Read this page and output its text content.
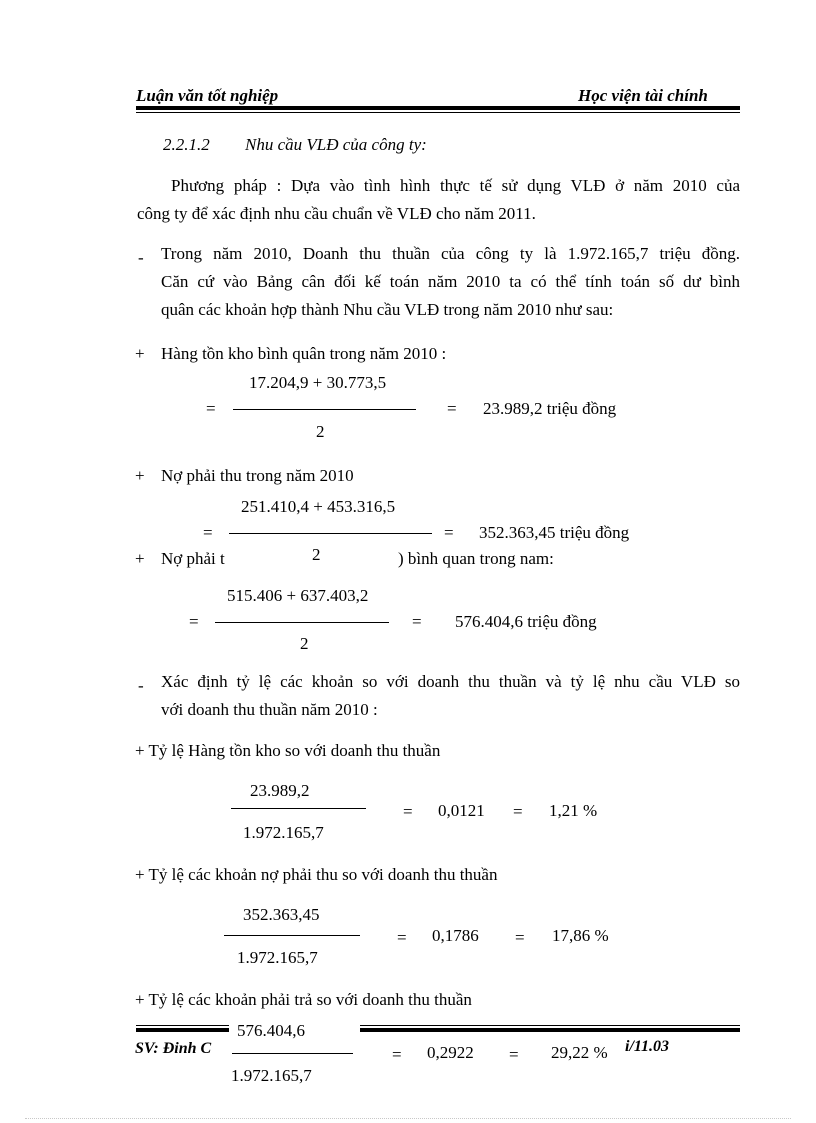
Luận văn tốt nghiệp	Học viện tài chính
2.2.1.2 Nhu cầu VLĐ của công ty:
Phương pháp : Dựa vào tình hình thực tế sử dụng VLĐ ở năm 2010 của
công ty để xác định nhu cầu chuẩn về VLĐ cho năm 2011.
- Trong năm 2010, Doanh thu thuần của công ty là 1.972.165,7 triệu đồng.
Căn cứ vào Bảng cân đối kế toán năm 2010 ta có thể tính toán số dư bình
quân các khoản hợp thành Nhu cầu VLĐ trong năm 2010 như sau:
+ Hàng tồn kho bình quân trong năm 2010 :
17.204,9 + 30.773,5
=	= 23.989,2 triệu đồng
2
+ Nợ phải thu trong năm 2010
251.410,4 + 453.316,5
=	= 352.363,45 triệu đồng
+ Nợ phải t	) bình quan trong nam:
2
515.406 + 637.403,2
=	= 576.404,6 triệu đồng
2
- Xác định tỷ lệ các khoản so với doanh thu thuần và tỷ lệ nhu cầu VLĐ so
với doanh thu thuần năm 2010 :
+ Tỷ lệ Hàng tồn kho so với doanh thu thuần
23.989,2
= 0,0121 = 1,21 %
1.972.165,7
+ Tỷ lệ các khoản nợ phải thu so với doanh thu thuần
352.363,45
= 0,1786 = 17,86 %
1.972.165,7
+ Tỷ lệ các khoản phải trả so với doanh thu thuần
SV: Đinh C	i/11.03
576.404,6
= 0,2922 = 29,22 %
1.972.165,7
